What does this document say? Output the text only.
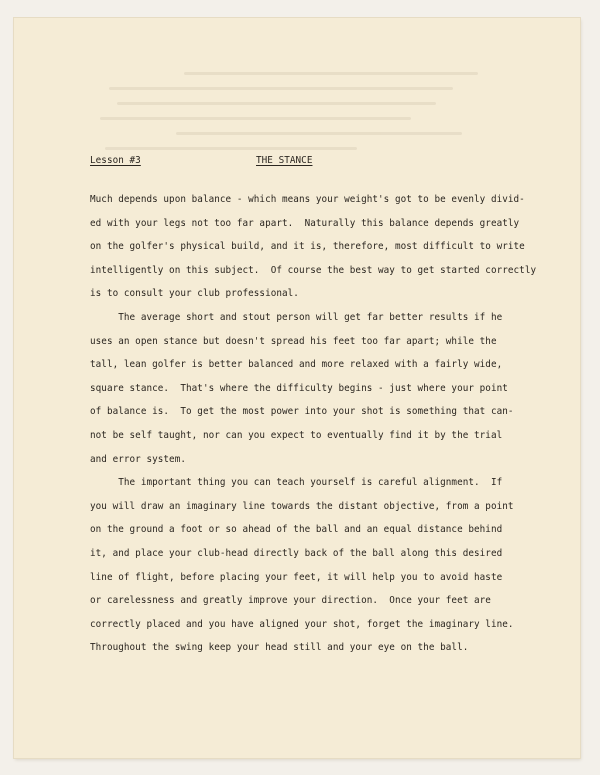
Lesson #3	THE STANCE
Much depends upon balance - which means your weight's got to be evenly divid-
ed with your legs not too far apart.  Naturally this balance depends greatly
on the golfer's physical build, and it is, therefore, most difficult to write
intelligently on this subject.  Of course the best way to get started correctly
is to consult your club professional.
The average short and stout person will get far better results if he
uses an open stance but doesn't spread his feet too far apart; while the
tall, lean golfer is better balanced and more relaxed with a fairly wide,
square stance.  That's where the difficulty begins - just where your point
of balance is.  To get the most power into your shot is something that can-
not be self taught, nor can you expect to eventually find it by the trial
and error system.
The important thing you can teach yourself is careful alignment.  If
you will draw an imaginary line towards the distant objective, from a point
on the ground a foot or so ahead of the ball and an equal distance behind
it, and place your club-head directly back of the ball along this desired
line of flight, before placing your feet, it will help you to avoid haste
or carelessness and greatly improve your direction.  Once your feet are
correctly placed and you have aligned your shot, forget the imaginary line.
Throughout the swing keep your head still and your eye on the ball.
